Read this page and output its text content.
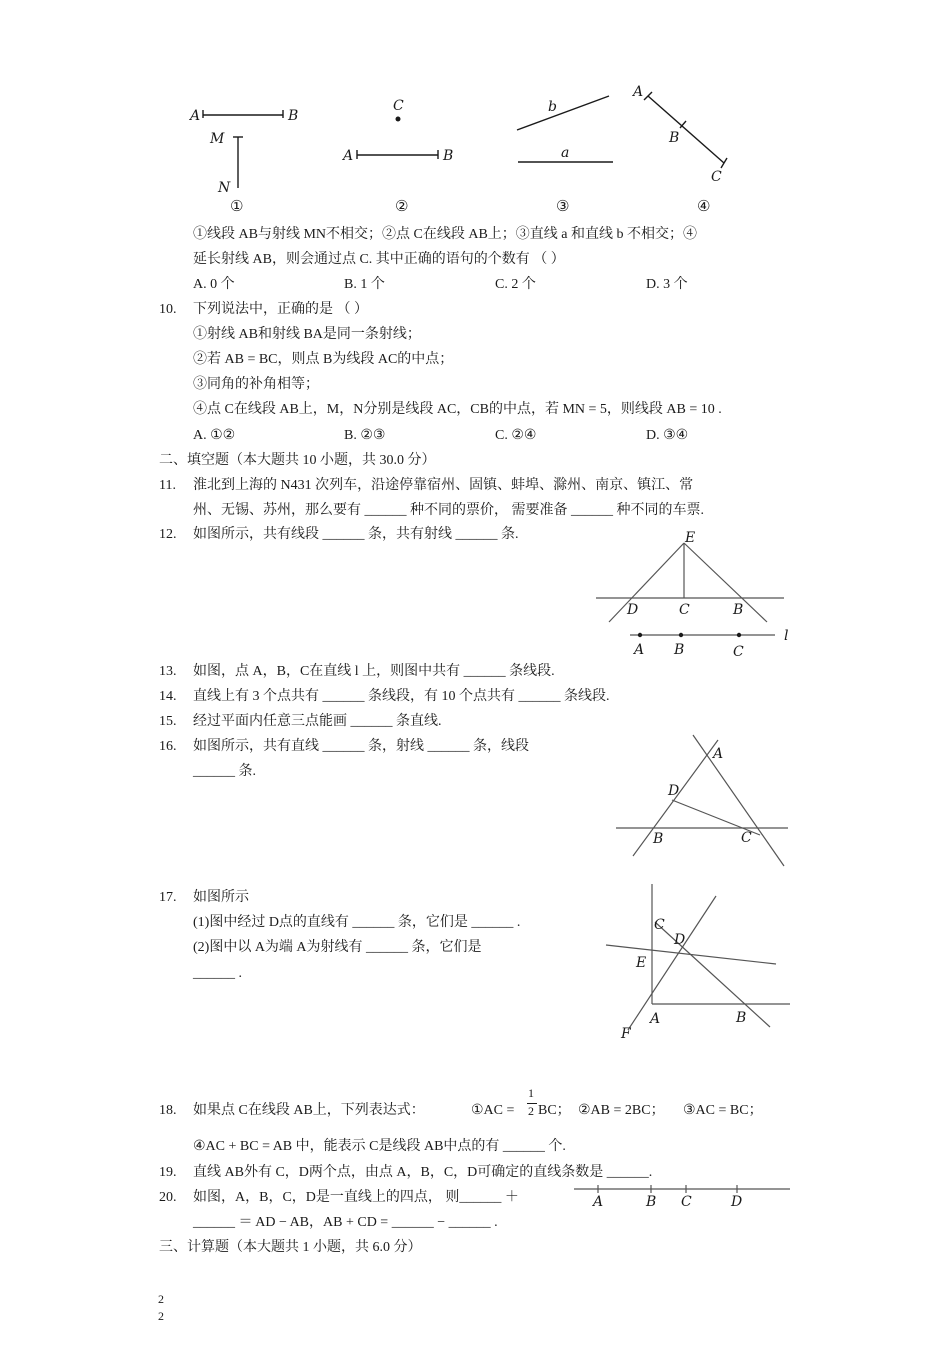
A	B
M
N
C
A	B
b
a
A
B
C
①	②	③	④
①线段 AB与射线 MN不相交；②点 C在线段 AB上；③直线 a 和直线 b 不相交；④
延长射线 AB，则会通过点 C. 其中正确的语句的个数有 （ ）
A. 0 个	B. 1 个	C. 2 个	D. 3 个
10. 下列说法中，正确的是 （ ）
①射线 AB和射线 BA是同一条射线；
②若 AB = BC，则点 B为线段 AC的中点；
③同角的补角相等；
④点 C在线段 AB上，M，N分别是线段 AC，CB的中点，若 MN = 5，则线段 AB = 10 .
A. ①②	B. ②③	C. ②④	D. ③④
二、填空题（本大题共 10 小题，共 30.0 分）
11. 淮北到上海的 N431 次列车，沿途停靠宿州、固镇、蚌埠、滁州、南京、镇江、常
州、无锡、苏州，那么要有 ______ 种不同的票价， 需要准备 ______ 种不同的车票.
12. 如图所示，共有线段 ______ 条，共有射线 ______ 条.	E
D	C	B
A B	C
l
13. 如图，点 A，B，C在直线 l 上，则图中共有 ______ 条线段.
14. 直线上有 3 个点共有 ______ 条线段，有 10 个点共有 ______ 条线段.
15. 经过平面内任意三点能画 ______ 条直线.
16. 如图所示，共有直线 ______ 条，射线 ______ 条，线段
______ 条.
A
D
B	C
17. 如图所示
(1)图中经过 D点的直线有 ______ 条，它们是 ______ .
(2)图中以 A为端 A为射线有 ______ 条，它们是
______ .
C
D
E
A	B
F
18. 如果点 C在线段 AB上，下列表达式：	①AC =
1
2 BC； ②AB = 2BC； ③AC = BC；
④AC + BC = AB 中，能表示 C是线段 AB中点的有 ______ 个.
19. 直线 AB外有 C，D两个点，由点 A，B，C，D可确定的直线条数是 ______.
20. 如图，A，B，C，D是一直线上的四点， 则______ ＋
______ ＝ AD − AB，AB + CD = ______ − ______ .
A	B C	D
三、计算题（本大题共 1 小题，共 6.0 分）
2
2
